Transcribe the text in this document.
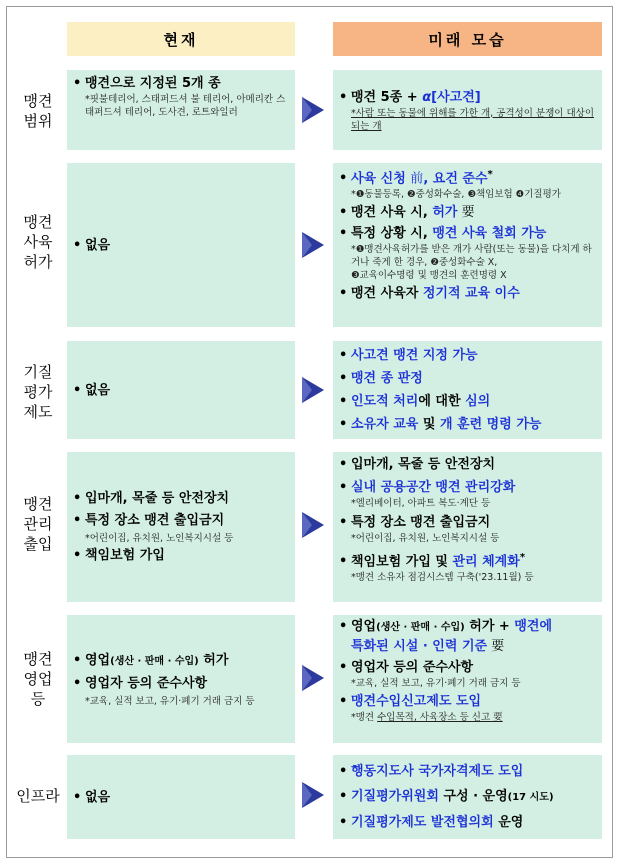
현재	미래 모습
맹견
범위
• 맹견으로 지정된 5개 종
*핏불테리어, 스태퍼드셔 불 테리어, 아메리칸 스태퍼드셔 테리어, 도사견, 로트와일러
• 맹견 5종 + α[사고견]
*사람 또는 동물에 위해를 가한 개, 공격성이 분쟁이 대상이 되는 개
맹견
사육
허가
• 없음
• 사육 신청 前, 요건 준수*
*❶동물등록, ❷중성화수술, ❸책임보험 ❹기질평가
• 맹견 사육 시, 허가 要
• 특정 상황 시, 맹견 사육 철회 가능
*❶맹견사육허가를 받은 개가 사람(또는 동물)을 다치게 하거나 죽게 한 경우, ❷중성화수술 X,
❸교육이수명령 및 맹견의 훈련명령 X
• 맹견 사육자 정기적 교육 이수
기질
평가
제도
• 없음
• 사고견 맹견 지정 가능
• 맹견 종 판정
• 인도적 처리에 대한 심의
• 소유자 교육 및 개 훈련 명령 가능
맹견
관리
출입
• 입마개, 목줄 등 안전장치
• 특정 장소 맹견 출입금지
*어린이집, 유치원, 노인복지시설 등
• 책임보험 가입
• 입마개, 목줄 등 안전장치
• 실내 공용공간 맹견 관리강화
*엘리베이터, 아파트 복도·계단 등
• 특정 장소 맹견 출입금지
*어린이집, 유치원, 노인복지시설 등
• 책임보험 가입 및 관리 체계화*
*맹견 소유자 점검시스템 구축('23.11월) 등
맹견
영업
등
• 영업(생산 · 판매 · 수입) 허가
• 영업자 등의 준수사항
*교육, 실적 보고, 유기·폐기 거래 금지 등
• 영업(생산 · 판매 · 수입) 허가 + 맹견에
특화된 시설 · 인력 기준 要
• 영업자 등의 준수사항
*교육, 실적 보고, 유기·폐기 거래 금지 등
• 맹견수입신고제도 도입
*맹견 수입목적, 사육장소 등 신고 要
인프라 • 없음
• 행동지도사 국가자격제도 도입
• 기질평가위원회 구성 · 운영(17 시도)
• 기질평가제도 발전협의회 운영
